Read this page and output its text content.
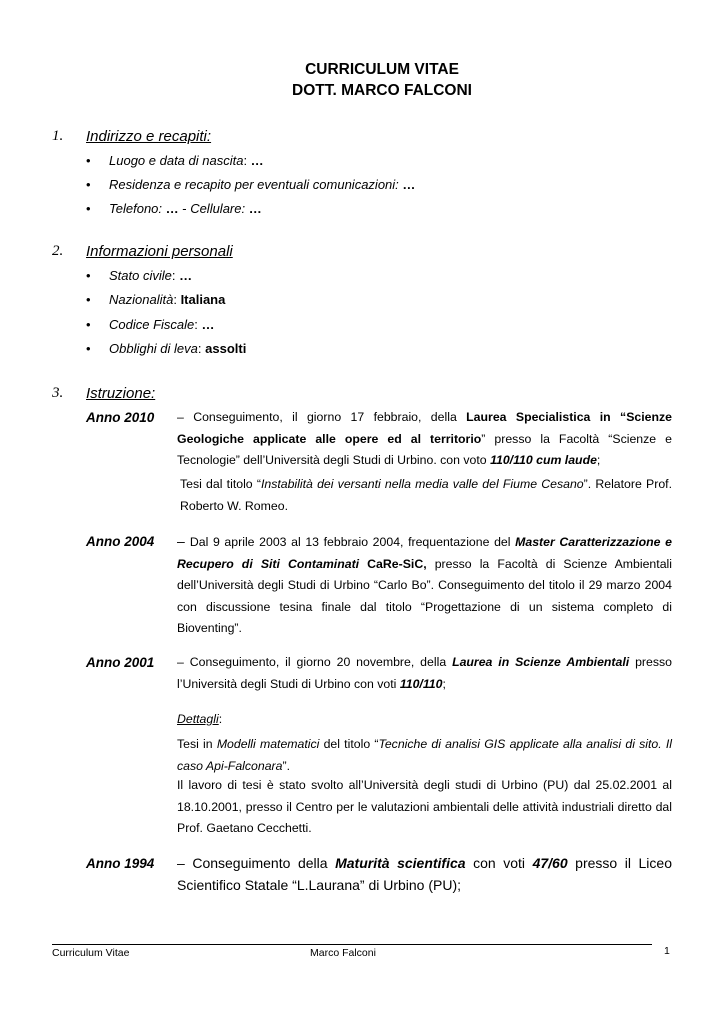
CURRICULUM VITAE
DOTT. MARCO FALCONI
1. Indirizzo e recapiti:
• Luogo e data di nascita: …
• Residenza e recapito per eventuali comunicazioni: …
• Telefono: … - Cellulare: …
2. Informazioni personali
• Stato civile: …
• Nazionalità: Italiana
• Codice Fiscale: …
• Obblighi di leva: assolti
3. Istruzione:
Anno 2010 – Conseguimento, il giorno 17 febbraio, della Laurea Specialistica in “Scienze Geologiche applicate alle opere ed al territorio” presso la Facoltà “Scienze e Tecnologie” dell’Università degli Studi di Urbino. con voto 110/110 cum laude;
Tesi dal titolo “Instabilità dei versanti nella media valle del Fiume Cesano”. Relatore Prof. Roberto W. Romeo.
Anno 2004 – Dal 9 aprile 2003 al 13 febbraio 2004, frequentazione del Master Caratterizzazione e Recupero di Siti Contaminati CaRe-SiC, presso la Facoltà di Scienze Ambientali dell’Università degli Studi di Urbino “Carlo Bo”. Conseguimento del titolo il 29 marzo 2004 con discussione tesina finale dal titolo “Progettazione di un sistema completo di Bioventing”.
Anno 2001 – Conseguimento, il giorno 20 novembre, della Laurea in Scienze Ambientali presso l’Università degli Studi di Urbino con voti 110/110;
Dettagli:
Tesi in Modelli matematici del titolo “Tecniche di analisi GIS applicate alla analisi di sito. Il caso Api-Falconara”.
Il lavoro di tesi è stato svolto all’Università degli studi di Urbino (PU) dal 25.02.2001 al 18.10.2001, presso il Centro per le valutazioni ambientali delle attività industriali diretto dal Prof. Gaetano Cecchetti.
Anno 1994 – Conseguimento della Maturità scientifica con voti 47/60 presso il Liceo Scientifico Statale “L.Laurana” di Urbino (PU);
Curriculum Vitae	Marco Falconi	1
